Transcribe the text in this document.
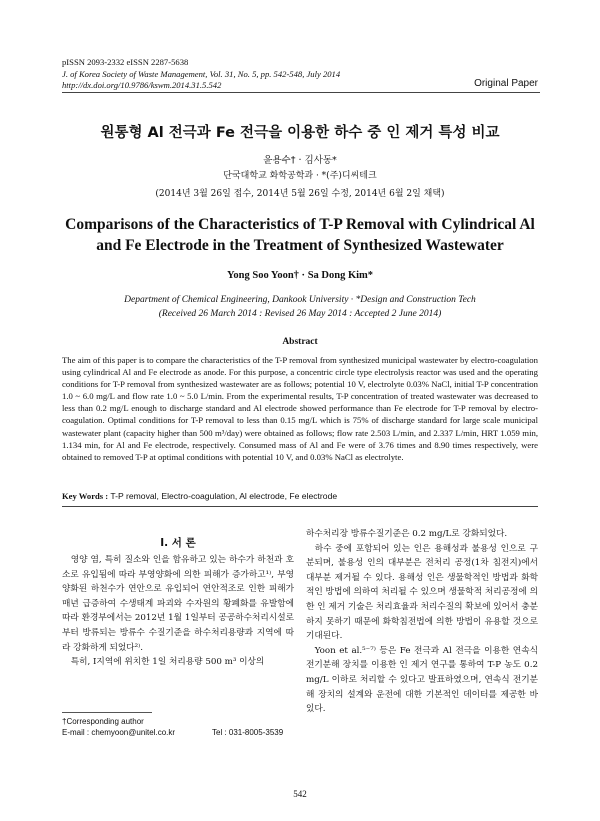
pISSN 2093-2332 eISSN 2287-5638
J. of Korea Society of Waste Management, Vol. 31, No. 5, pp. 542-548, July 2014
http://dx.doi.org/10.9786/kswm.2014.31.5.542	Original Paper
원통형 Al 전극과 Fe 전극을 이용한 하수 중 인 제거 특성 비교
윤용수† · 김사동*
단국대학교 화학공학과 · *(주)디씨테크
(2014년 3월 26일 접수, 2014년 5월 26일 수정, 2014년 6월 2일 채택)
Comparisons of the Characteristics of T-P Removal with Cylindrical Al
and Fe Electrode in the Treatment of Synthesized Wastewater
Yong Soo Yoon† · Sa Dong Kim*
Department of Chemical Engineering, Dankook University · *Design and Construction Tech
(Received 26 March 2014 : Revised 26 May 2014 : Accepted 2 June 2014)
Abstract
The aim of this paper is to compare the characteristics of the T-P removal from synthesized municipal wastewater by electro-coagulation using cylindrical Al and Fe electrode as anode. For this purpose, a concentric circle type electrolysis reactor was used and the operating conditions for T-P removal from synthesized wastewater are as follows; potential 10 V, electrolyte 0.03% NaCl, initial T-P concentration 1.0 ~ 6.0 mg/L and flow rate 1.0 ~ 5.0 L/min. From the experimental results, T-P concentration of treated wastewater was decreased to less than 0.2 mg/L enough to discharge standard and Al electrode showed performance than Fe electrode for T-P removal by electro-coagulation. Optimal conditions for T-P removal to less than 0.15 mg/L which is 75% of discharge standard for large scale municipal wastewater plant (capacity higher than 500 m³/day) were obtained as follows; flow rate 2.503 L/min, and 2.337 L/min, HRT 1.059 min, 1.134 min, for Al and Fe electrode, respectively. Consumed mass of Al and Fe were of 3.76 times and 8.90 times respectively, were obtained to removed T-P at optimal conditions with potential 10 V, and 0.03% NaCl as electrolyte.
Key Words : T-P removal, Electro-coagulation, Al electrode, Fe electrode
I. 서 론

영양 염, 특히 질소와 인을 함유하고 있는 하수가 하천과 호소로 유입됨에 따라 부영양화에 의한 피해가 증가하고¹⁾, 부영양화된 하천수가 연안으로 유입되어 연안적조로 인한 피해가 매년 급증하여 수생태계 파괴와 수자원의 황폐화를 유발함에 따라 환경부에서는 2012년 1월 1일부터 공공하수처리시설로부터 방류되는 방류수 수질기준을 하수처리용량과 지역에 따라 강화하게 되었다²⁾.

특히, I지역에 위치한 1일 처리용량 500 m³ 이상의

하수처리장 방류수질기준은 0.2 mg/L로 강화되었다.

하수 중에 포함되어 있는 인은 용해성과 불용성 인으로 구분되며, 불용성 인의 대부분은 전처리 공정(1차 침전지)에서 대부분 제거될 수 있다. 용해성 인은 생물학적인 방법과 화학적인 방법에 의하여 처리될 수 있으며 생물학적 처리공정에 의한 인 제거 기술은 처리효율과 처리수질의 확보에 있어서 충분하지 못하기 때문에 화학침전법에 의한 방법이 유용할 것으로 기대된다.

Yoon et al.⁵⁻⁷⁾ 등은 Fe 전극과 Al 전극을 이용한 연속식 전기분해 장치를 이용한 인 제거 연구를 통하여 T-P 농도 0.2 mg/L 이하로 처리할 수 있다고 발표하였으며, 연속식 전기분해 장치의 설계와 운전에 대한 기본적인 데이터를 제공한 바 있다.

†Corresponding author
E-mail : chemyoon@unitel.co.kr	Tel : 031-8005-3539
542
